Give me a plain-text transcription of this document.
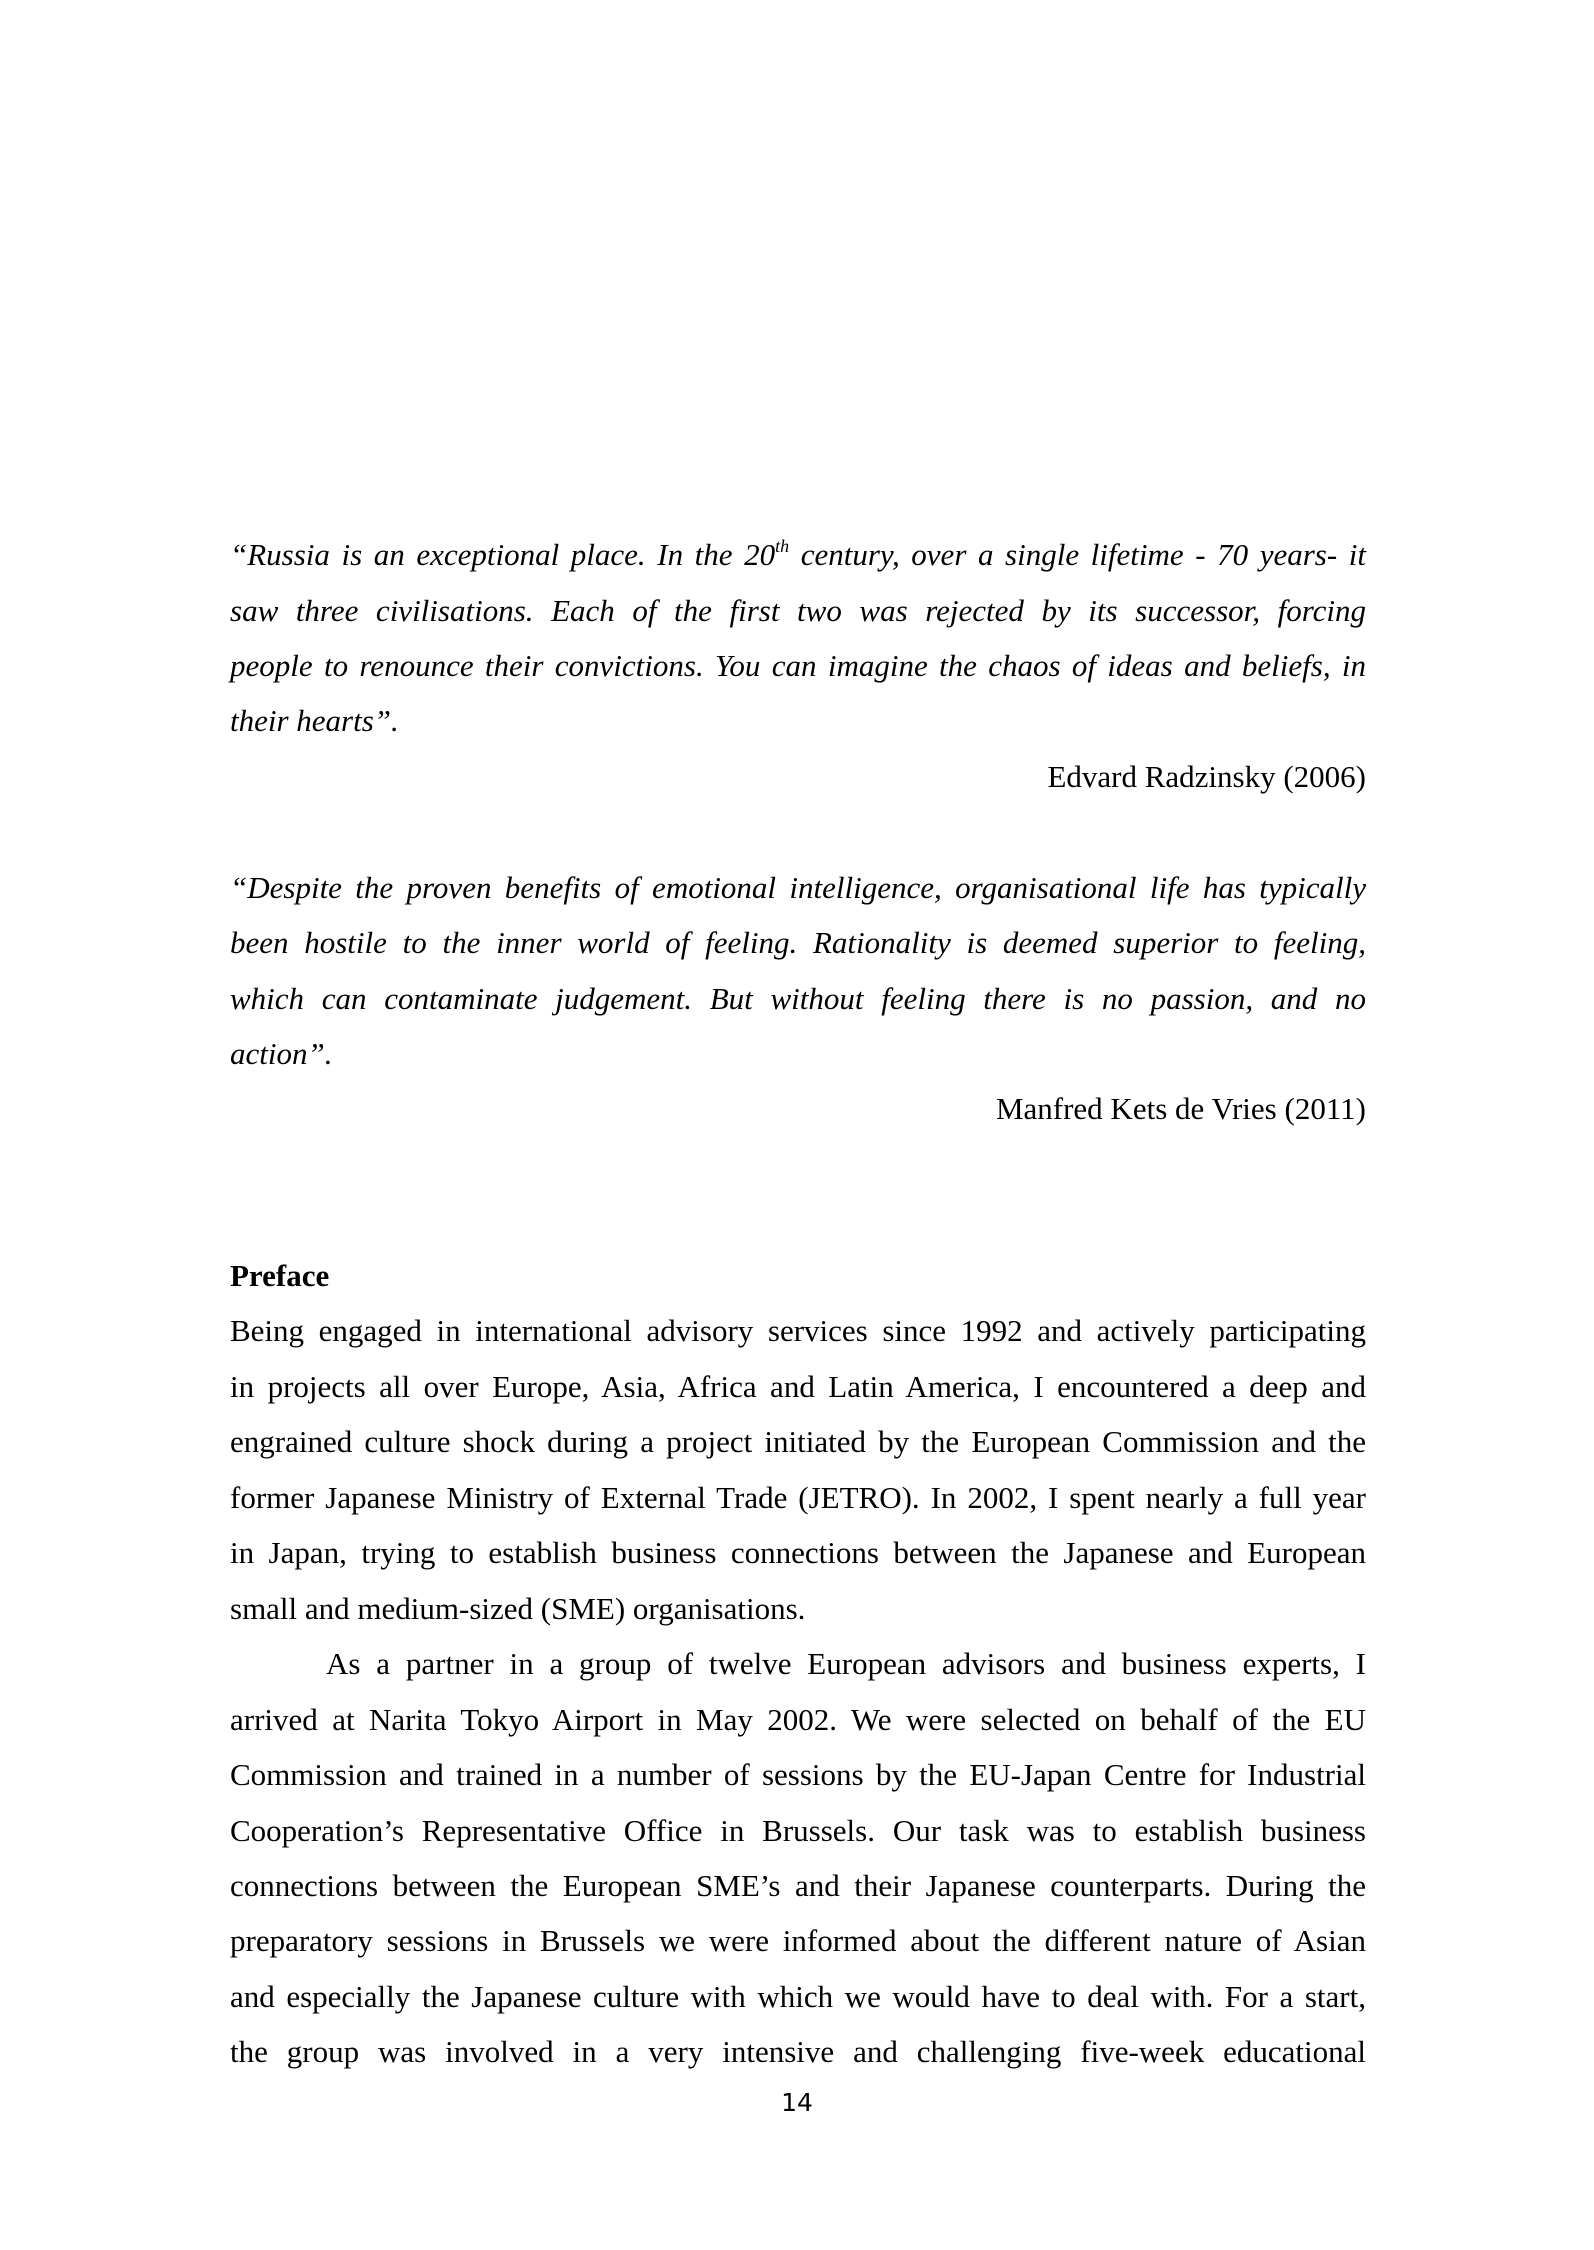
“Russia is an exceptional place. In the 20th century, over a single lifetime - 70 years- it

saw three civilisations. Each of the first two was rejected by its successor, forcing

people to renounce their convictions. You can imagine the chaos of ideas and beliefs, in

their hearts”.

Edvard Radzinsky (2006)

“Despite the proven benefits of emotional intelligence, organisational life has typically

been hostile to the inner world of feeling. Rationality is deemed superior to feeling,

which can contaminate judgement. But without feeling there is no passion, and no

action”.

Manfred Kets de Vries (2011)

Preface

Being engaged in international advisory services since 1992 and actively participating

in projects all over Europe, Asia, Africa and Latin America, I encountered a deep and

engrained culture shock during a project initiated by the European Commission and the

former Japanese Ministry of External Trade (JETRO). In 2002, I spent nearly a full year

in Japan, trying to establish business connections between the Japanese and European

small and medium-sized (SME) organisations.

As a partner in a group of twelve European advisors and business experts, I

arrived at Narita Tokyo Airport in May 2002. We were selected on behalf of the EU

Commission and trained in a number of sessions by the EU-Japan Centre for Industrial

Cooperation’s Representative Office in Brussels. Our task was to establish business

connections between the European SME’s and their Japanese counterparts. During the

preparatory sessions in Brussels we were informed about the different nature of Asian

and especially the Japanese culture with which we would have to deal with. For a start,

the group was involved in a very intensive and challenging five-week educational

14
